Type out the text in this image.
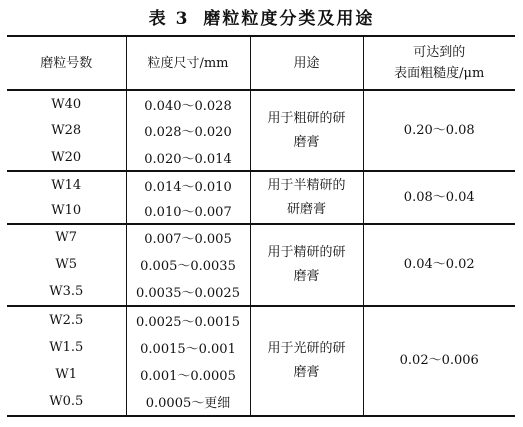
表 3 磨粒粒度分类及用途
磨粒号数	粒度尺寸/mm	用途	可达到的
表面粗糙度/μm

W40	0.040～0.028	用于粗研的研磨膏	0.20～0.08
W28	0.028～0.020		
W20	0.020～0.014		
W14	0.014～0.010	用于半精研的研磨膏	0.08～0.04
W10	0.010～0.007		
W7	0.007～0.005	用于精研的研磨膏	0.04～0.02
W5	0.005～0.0035		
W3.5	0.0035～0.0025		
W2.5	0.0025～0.0015	用于光研的研磨膏	0.02～0.006
W1.5	0.0015～0.001		
W1	0.001～0.0005		
W0.5	0.0005～更细		
